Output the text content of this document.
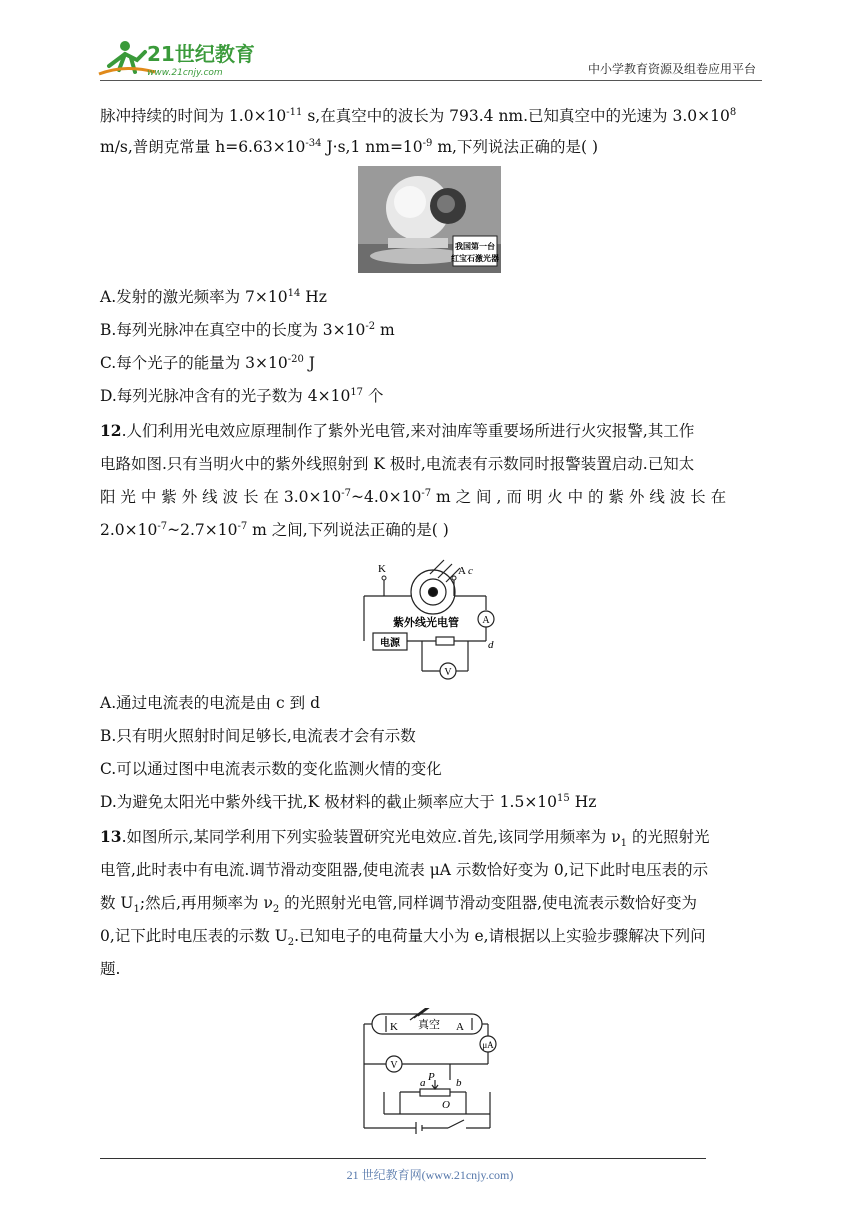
21世纪教育
www.21cnjy.com	中小学教育资源及组卷应用平台
脉冲持续的时间为 $1.0\times 10^{-11}$ s,在真空中的波长为 793.4 nm.已知真空中的光速为 $3.0\times 10^8$
m/s,普朗克常量 $h=6.63\times 10^{-34}$ J·s,1 $nm=10^{-9}$ m,下列说法正确的是( )
我国第一台
红宝石激光器
A.发射的激光频率为 $7\times 10^{14}$ Hz
B.每列光脉冲在真空中的长度为 $3\times 10^{-2}$ m
C.每个光子的能量为 $3\times 10^{-20}$ J
D.每列光脉冲含有的光子数为 $4\times 10^{17}$ 个
12.人们利用光电效应原理制作了紫外光电管,来对油库等重要场所进行火灾报警,其工作
电路如图.只有当明火中的紫外线照射到 K 极时,电流表有示数同时报警装置启动.已知太
阳 光 中 紫 外 线 波 长 在 $3.0\times 10^{-7}\sim 4.0\times 10^{-7}$ m 之 间 , 而 明 火 中 的 紫 外 线 波 长 在
$2.0\times 10^{-7}\sim 2.7\times 10^{-7}$ m 之间,下列说法正确的是( )
K	A c
d
紫外线光电管
电源
A
V
A.通过电流表的电流是由 c 到 d
B.只有明火照射时间足够长,电流表才会有示数
C.可以通过图中电流表示数的变化监测火情的变化
D.为避免太阳光中紫外线干扰,K 极材料的截止频率应大于 $1.5\times 10^{15}$ Hz
13.如图所示,某同学利用下列实验装置研究光电效应.首先,该同学用频率为 $\nu_1$ 的光照射光
电管,此时表中有电流.调节滑动变阻器,使电流表 μA 示数恰好变为 0,记下此时电压表的示
数 $U_1$;然后,再用频率为 $\nu_2$ 的光照射光电管,同样调节滑动变阻器,使电流表示数恰好变为
0,记下此时电压表的示数 $U_2$.已知电子的电荷量大小为 e,请根据以上实验步骤解决下列问
题.
K 真空 A
μA
V
a P b
O
21 世纪教育网(www.21cnjy.com)
